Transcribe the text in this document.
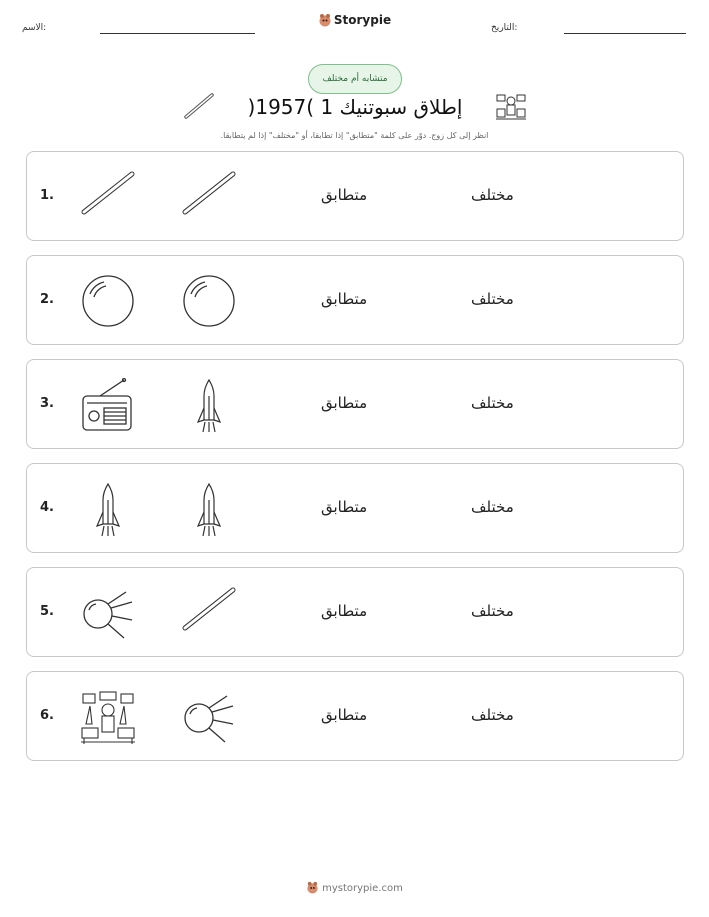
الاسم:
Storypie
التاريخ:
متشابه أم مختلف
إطلاق سبوتنيك 1 )1957(
انظر إلى كل زوج. دوّر على كلمة "متطابق" إذا تطابقا، أو "مختلف" إذا لم يتطابقا.
1.	متطابق	مختلف
2.	متطابق	مختلف
3.	متطابق	مختلف
4.	متطابق	مختلف
5.	متطابق	مختلف
6.	متطابق	مختلف
mystorypie.com
